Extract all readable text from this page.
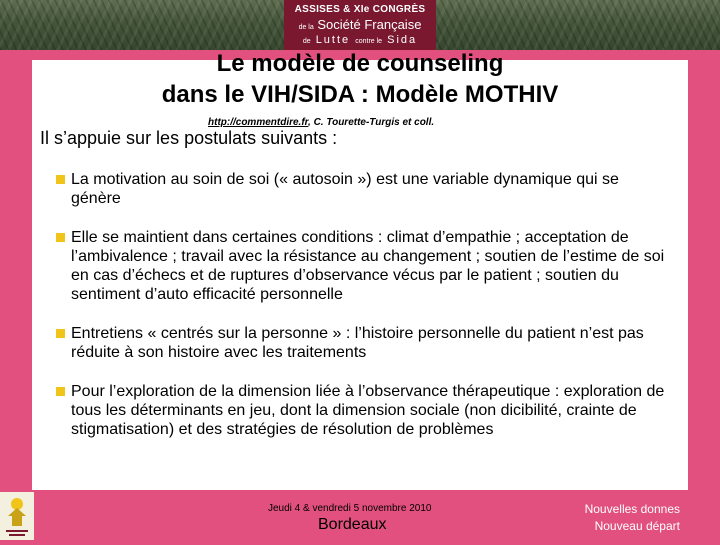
ASSISES & XIe CONGRÈS
de la Société Française
de Lutte contre le Sida
Le modèle de counseling
dans le VIH/SIDA : Modèle MOTHIV
http://commentdire.fr, C. Tourette-Turgis et coll.
Il s’appuie sur les postulats suivants :
La motivation au soin de soi (« autosoin ») est une variable dynamique qui se génère
Elle se maintient dans certaines conditions : climat d’empathie ; acceptation de l’ambivalence ; travail avec la résistance au changement ; soutien de l’estime de soi en cas d’échecs et de ruptures d’observance vécus par le patient ; soutien du sentiment d’auto efficacité personnelle
Entretiens « centrés sur la personne » : l’histoire personnelle du patient n’est pas réduite à son histoire avec les traitements
Pour l’exploration de la dimension liée à l’observance thérapeutique : exploration de tous les déterminants en jeu, dont la dimension sociale (non dicibilité, crainte de stigmatisation) et des stratégies de résolution de problèmes
Jeudi 4 & vendredi 5 novembre 2010
Bordeaux
Nouvelles donnes
Nouveau départ
